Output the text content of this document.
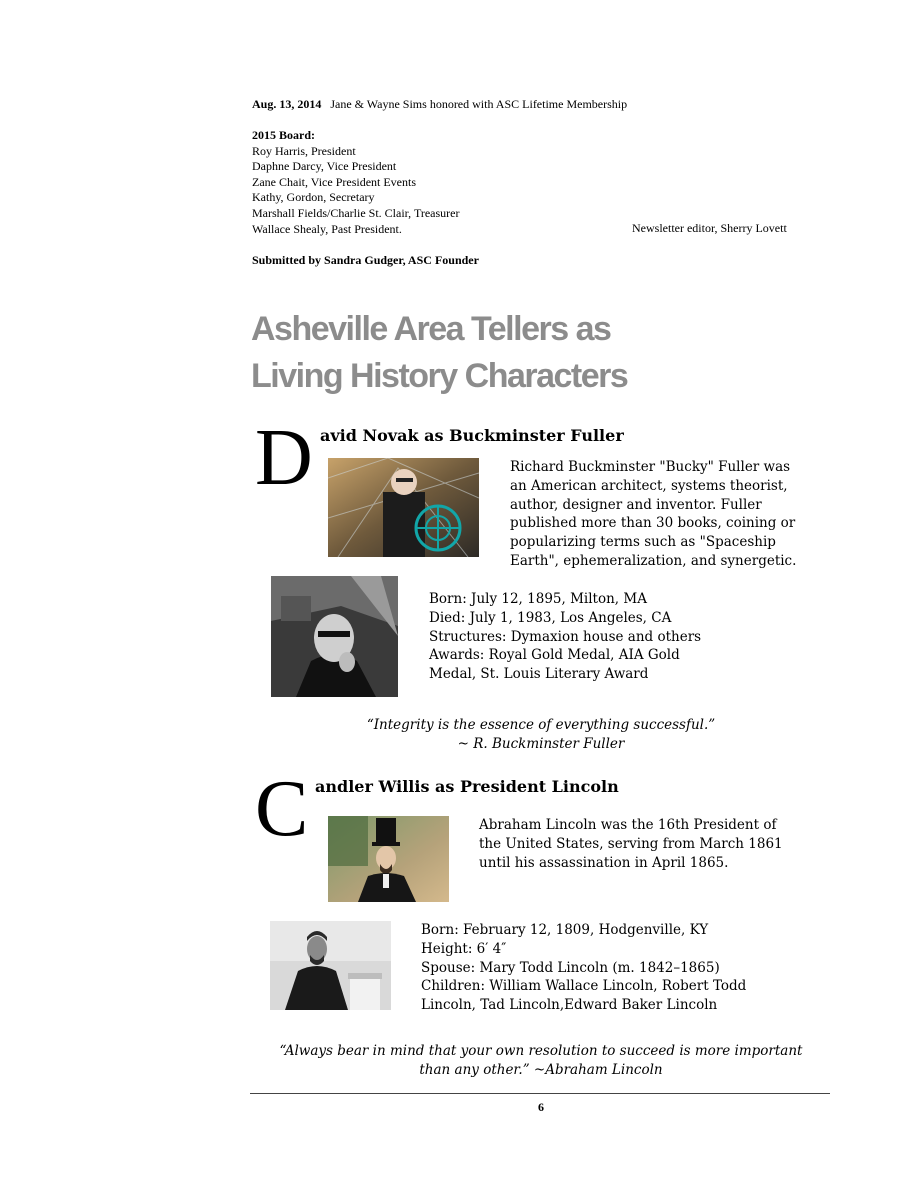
Aug. 13, 2014 Jane & Wayne Sims honored with ASC Lifetime Membership
2015 Board:
Roy Harris, President
Daphne Darcy, Vice President
Zane Chait, Vice President Events
Kathy, Gordon, Secretary
Marshall Fields/Charlie St. Clair, Treasurer
Wallace Shealy, Past President.	Newsletter editor, Sherry Lovett
Submitted by Sandra Gudger, ASC Founder
Asheville Area Tellers as
Living History Characters
D avid Novak as Buckminster Fuller
Richard Buckminster "Bucky" Fuller was
an American architect, systems theorist,
author, designer and inventor. Fuller
published more than 30 books, coining or
popularizing terms such as "Spaceship
Earth", ephemeralization, and synergetic.
Born: July 12, 1895, Milton, MA
Died: July 1, 1983, Los Angeles, CA
Structures: Dymaxion house and others
Awards: Royal Gold Medal, AIA Gold
Medal, St. Louis Literary Award
“Integrity is the essence of everything successful.”
~ R. Buckminster Fuller
C andler Willis as President Lincoln
Abraham Lincoln was the 16th President of
the United States, serving from March 1861
until his assassination in April 1865.
Born: February 12, 1809, Hodgenville, KY
Height: 6′ 4″
Spouse: Mary Todd Lincoln (m. 1842–1865)
Children: William Wallace Lincoln, Robert Todd
Lincoln, Tad Lincoln,Edward Baker Lincoln
“Always bear in mind that your own resolution to succeed is more important
than any other.” ~Abraham Lincoln
6
